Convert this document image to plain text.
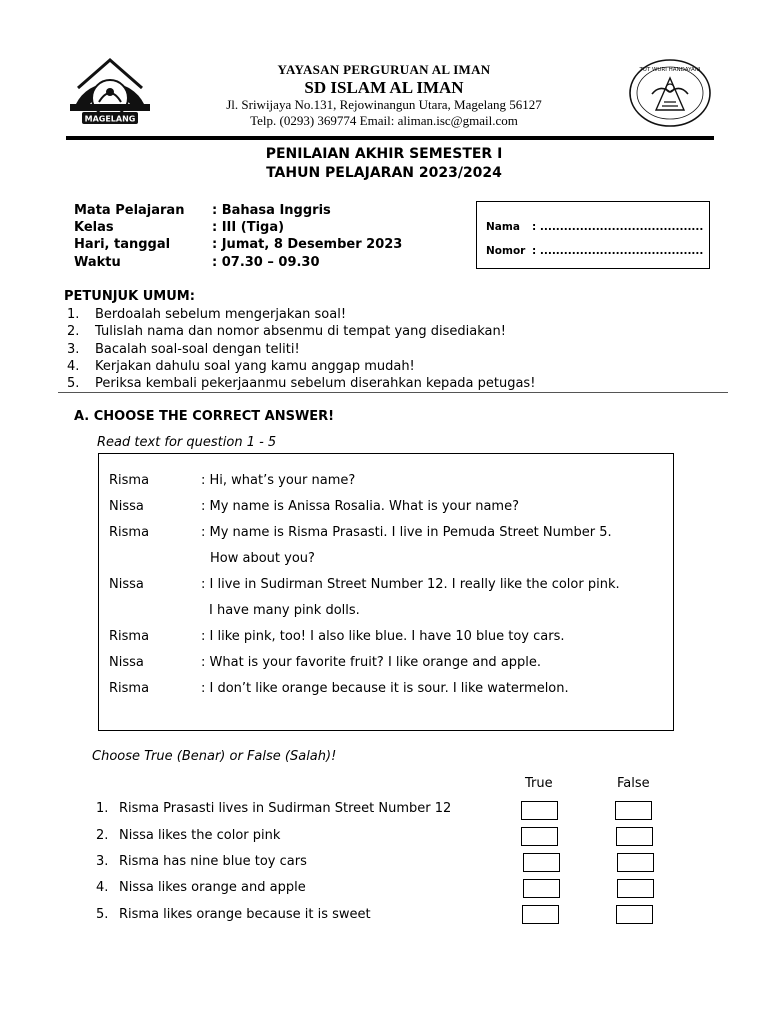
MAGELANG
TUT WURI HANDAYANI
YAYASAN PERGURUAN AL IMAN
SD ISLAM AL IMAN
Jl. Sriwijaya No.131, Rejowinangun Utara, Magelang 56127
Telp. (0293) 369774 Email: aliman.isc@gmail.com
PENILAIAN AKHIR SEMESTER I
TAHUN PELAJARAN 2023/2024
Mata Pelajaran : Bahasa Inggris
Kelas	: III (Tiga)
Hari, tanggal	: Jumat, 8 Desember 2023
Waktu	: 07.30 – 09.30
Nama : .........................................
Nomor : .........................................
PETUNJUK UMUM:
1. Berdoalah sebelum mengerjakan soal!
2. Tulislah nama dan nomor absenmu di tempat yang disediakan!
3. Bacalah soal-soal dengan teliti!
4. Kerjakan dahulu soal yang kamu anggap mudah!
5. Periksa kembali pekerjaanmu sebelum diserahkan kepada petugas!
A. CHOOSE THE CORRECT ANSWER!
Read text for question 1 - 5
Risma	: Hi, what’s your name?
Nissa	: My name is Anissa Rosalia. What is your name?
Risma	: My name is Risma Prasasti. I live in Pemuda Street Number 5.
How about you?
Nissa	: I live in Sudirman Street Number 12. I really like the color pink.
I have many pink dolls.
Risma	: I like pink, too! I also like blue. I have 10 blue toy cars.
Nissa	: What is your favorite fruit? I like orange and apple.
Risma	: I don’t like orange because it is sour. I like watermelon.
Choose True (Benar) or False (Salah)!
True	False
1. Risma Prasasti lives in Sudirman Street Number 12
2. Nissa likes the color pink
3. Risma has nine blue toy cars
4. Nissa likes orange and apple
5. Risma likes orange because it is sweet
